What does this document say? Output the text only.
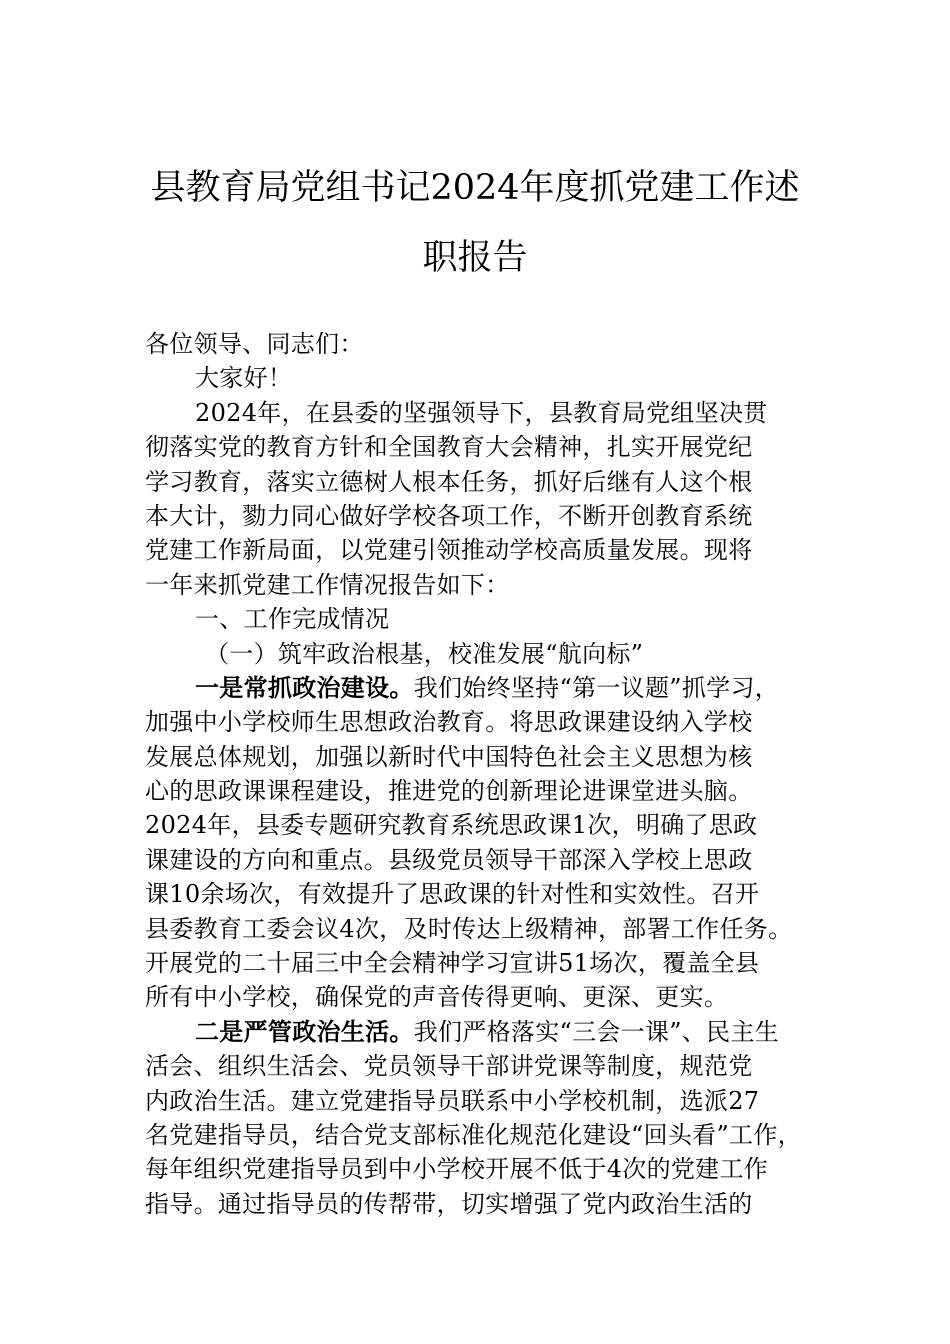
县教育局党组书记2024年度抓党建工作述
职报告
各位领导、同志们：
大家好！
2024年，在县委的坚强领导下，县教育局党组坚决贯
彻落实党的教育方针和全国教育大会精神，扎实开展党纪
学习教育，落实立德树人根本任务，抓好后继有人这个根
本大计，勠力同心做好学校各项工作，不断开创教育系统
党建工作新局面，以党建引领推动学校高质量发展。现将
一年来抓党建工作情况报告如下：
一、工作完成情况
（一）筑牢政治根基，校准发展“航向标”
一是常抓政治建设。我们始终坚持“第一议题”抓学习，
加强中小学校师生思想政治教育。将思政课建设纳入学校
发展总体规划，加强以新时代中国特色社会主义思想为核
心的思政课课程建设，推进党的创新理论进课堂进头脑。
2024年，县委专题研究教育系统思政课1次，明确了思政
课建设的方向和重点。县级党员领导干部深入学校上思政
课10余场次，有效提升了思政课的针对性和实效性。召开
县委教育工委会议4次，及时传达上级精神，部署工作任务。
开展党的二十届三中全会精神学习宣讲51场次，覆盖全县
所有中小学校，确保党的声音传得更响、更深、更实。
二是严管政治生活。我们严格落实“三会一课”、民主生
活会、组织生活会、党员领导干部讲党课等制度，规范党
内政治生活。建立党建指导员联系中小学校机制，选派27
名党建指导员，结合党支部标准化规范化建设“回头看”工作，
每年组织党建指导员到中小学校开展不低于4次的党建工作
指导。通过指导员的传帮带，切实增强了党内政治生活的
